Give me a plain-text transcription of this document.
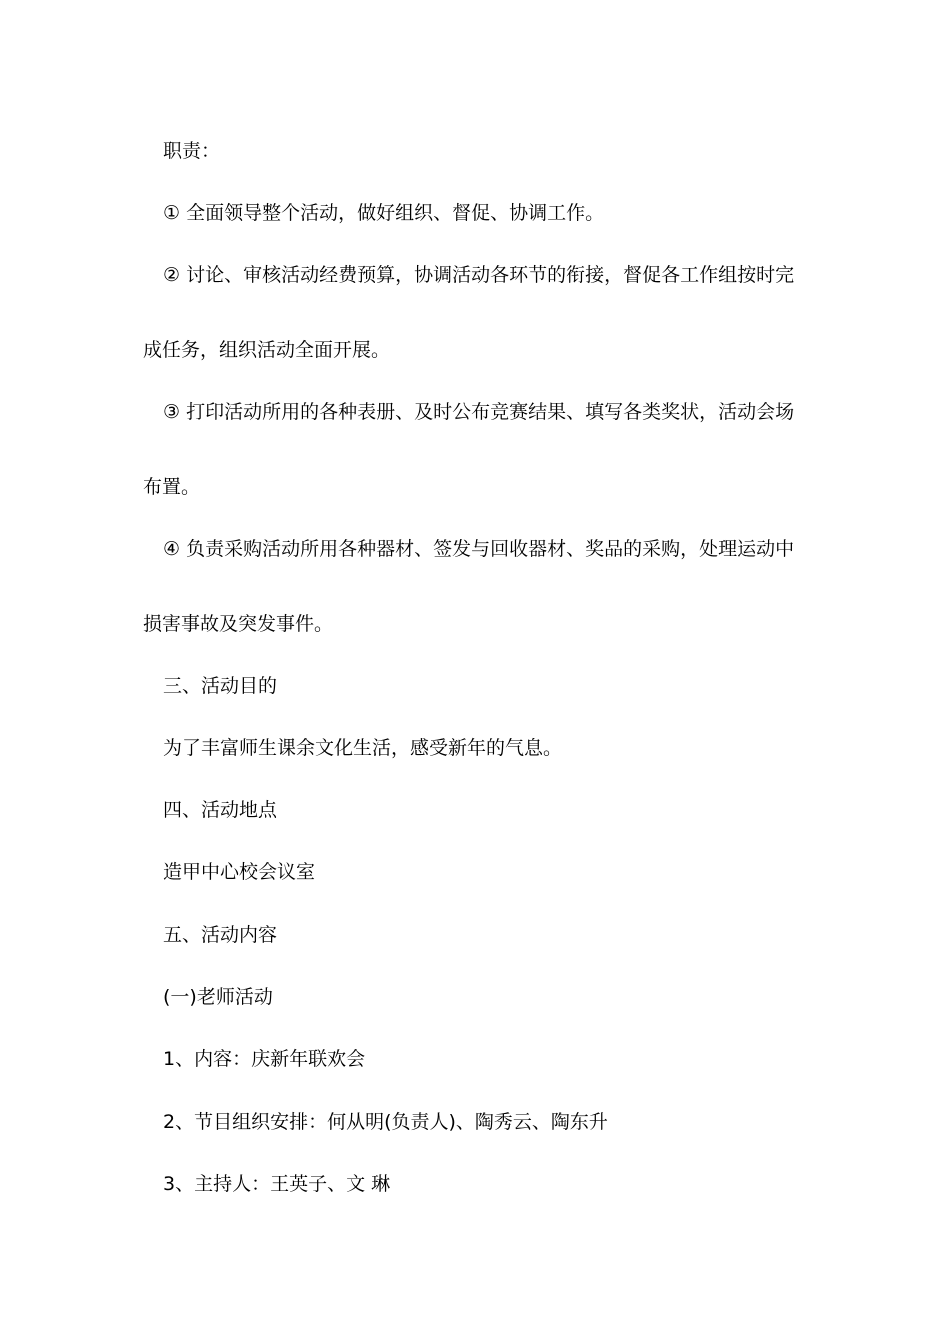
职责：
① 全面领导整个活动，做好组织、督促、协调工作。
② 讨论、审核活动经费预算，协调活动各环节的衔接，督促各工作组按时完
成任务，组织活动全面开展。
③ 打印活动所用的各种表册、及时公布竞赛结果、填写各类奖状，活动会场
布置。
④ 负责采购活动所用各种器材、签发与回收器材、奖品的采购，处理运动中
损害事故及突发事件。
三、活动目的
为了丰富师生课余文化生活，感受新年的气息。
四、活动地点
造甲中心校会议室
五、活动内容
(一)老师活动
1、内容：庆新年联欢会
2、节目组织安排：何从明(负责人)、陶秀云、陶东升
3、主持人：王英子、文 琳
